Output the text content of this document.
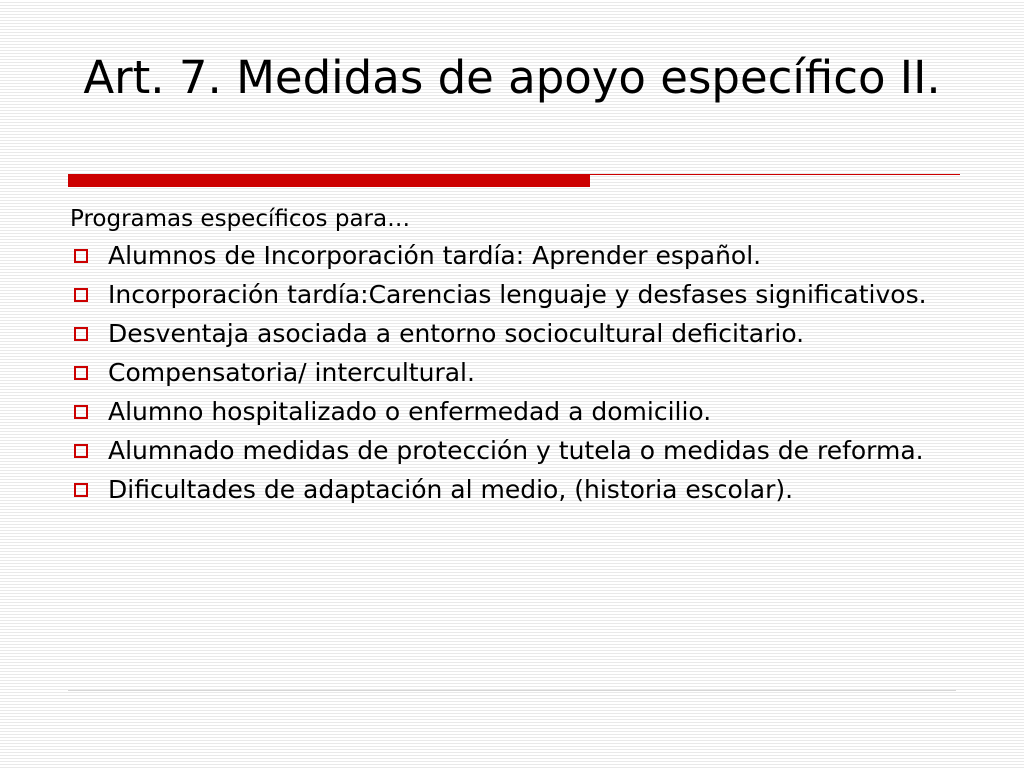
Art. 7. Medidas de apoyo específico II.

Programas específicos para…

Alumnos de Incorporación tardía: Aprender español.
Incorporación tardía:Carencias lenguaje y desfases significativos.
Desventaja asociada a entorno sociocultural deficitario.
Compensatoria/ intercultural.
Alumno hospitalizado o enfermedad a domicilio.
Alumnado medidas de protección y tutela o medidas de reforma.
Dificultades de adaptación al medio, (historia escolar).
